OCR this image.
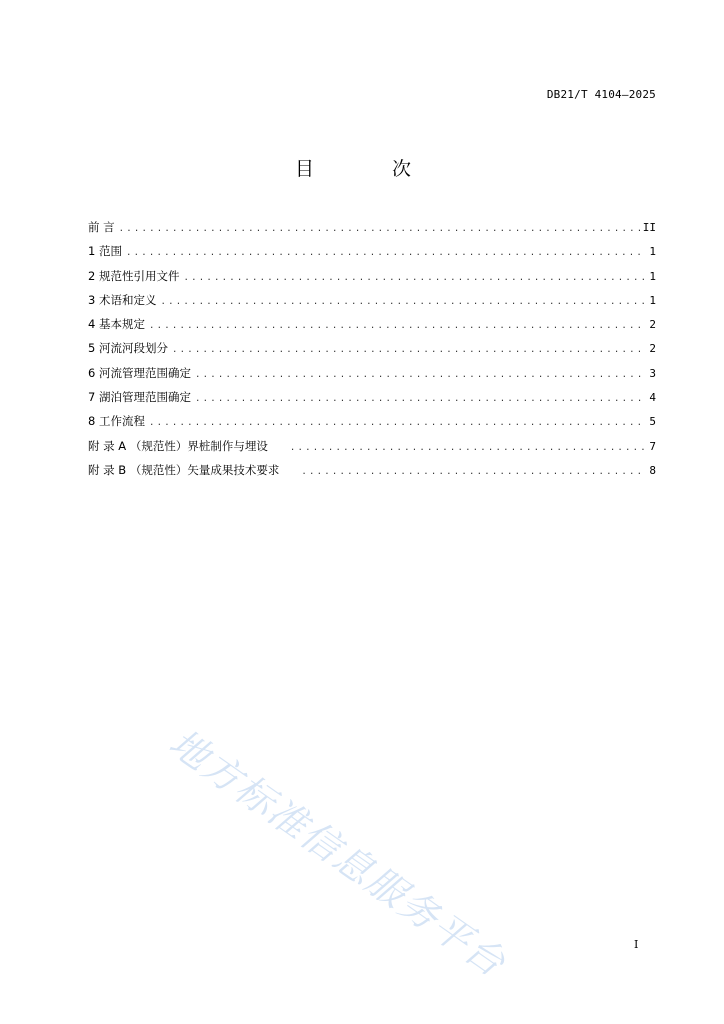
DB21/T 4104—2025
目 次
前 言 .....	II
1 范围 .....	1
2 规范性引用文件 .....	1
3 术语和定义 .....	1
4 基本规定 .....	2
5 河流河段划分 .....	2
6 河流管理范围确定 .....	3
7 湖泊管理范围确定 .....	4
8 工作流程 .....	5
附 录 A （规范性）界桩制作与埋设 .....	7
附 录 B （规范性）矢量成果技术要求 .....	8
地方标准信息服务平台	I
